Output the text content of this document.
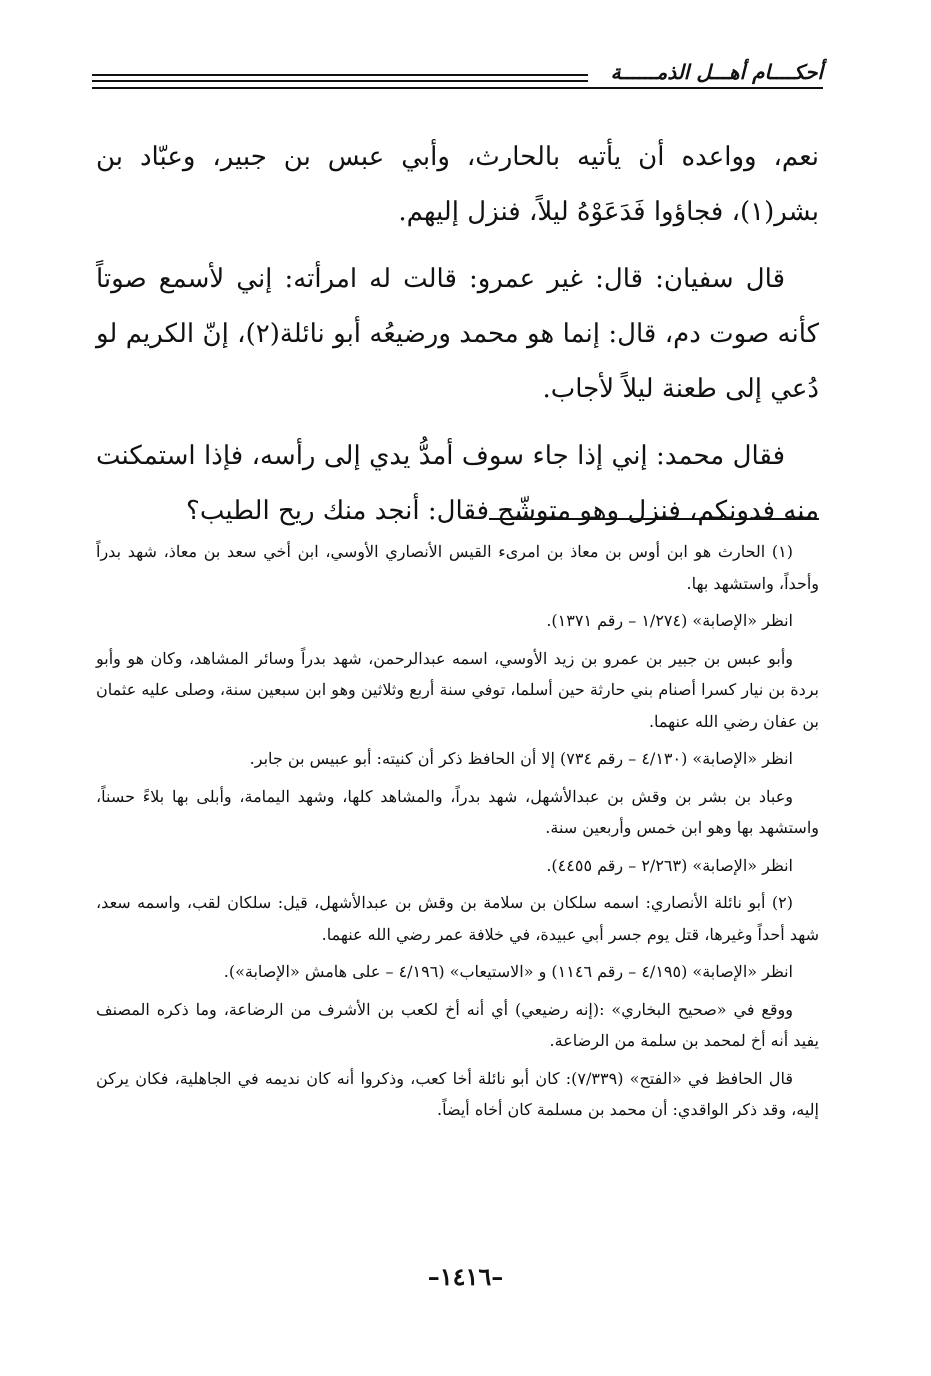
أحكــــام أهـــل الذمــــــة

نعم، وواعده أن يأتيه بالحارث، وأبي عبس بن جبير، وعبّاد بن بشر(١)، فجاؤوا فَدَعَوْهُ ليلاً، فنزل إليهم.

قال سفيان: قال: غير عمرو: قالت له امرأته: إني لأسمع صوتاً كأنه صوت دم، قال: إنما هو محمد ورضيعُه أبو نائلة(٢)، إنّ الكريم لو دُعي إلى طعنة ليلاً لأجاب.

فقال محمد: إني إذا جاء سوف أمدُّ يدي إلى رأسه، فإذا استمكنت منه فدونكم، فنزل وهو متوشّح فقال: أنجد منك ريح الطيب؟

(١) الحارث هو ابن أوس بن معاذ بن امرىء القيس الأنصاري الأوسي، ابن أخي سعد بن معاذ، شهد بدراً وأحداً، واستشهد بها.

انظر «الإصابة» (١/٢٧٤ – رقم ١٣٧١).

وأبو عبس بن جبير بن عمرو بن زيد الأوسي، اسمه عبدالرحمن، شهد بدراً وسائر المشاهد، وكان هو وأبو بردة بن نيار كسرا أصنام بني حارثة حين أسلما، توفي سنة أربع وثلاثين وهو ابن سبعين سنة، وصلى عليه عثمان بن عفان رضي الله عنهما.

انظر «الإصابة» (٤/١٣٠ – رقم ٧٣٤) إلا أن الحافظ ذكر أن كنيته: أبو عبيس بن جابر.

وعباد بن بشر بن وقش بن عبدالأشهل، شهد بدراً، والمشاهد كلها، وشهد اليمامة، وأبلى بها بلاءً حسناً، واستشهد بها وهو ابن خمس وأربعين سنة.

انظر «الإصابة» (٢/٢٦٣ – رقم ٤٤٥٥).

(٢) أبو نائلة الأنصاري: اسمه سلكان بن سلامة بن وقش بن عبدالأشهل، قيل: سلكان لقب، واسمه سعد، شهد أحداً وغيرها، قتل يوم جسر أبي عبيدة، في خلافة عمر رضي الله عنهما.

انظر «الإصابة» (٤/١٩٥ – رقم ١١٤٦) و «الاستيعاب» (٤/١٩٦ – على هامش «الإصابة»).

ووقع في «صحيح البخاري» :(إنه رضيعي) أي أنه أخ لكعب بن الأشرف من الرضاعة، وما ذكره المصنف يفيد أنه أخ لمحمد بن سلمة من الرضاعة.

قال الحافظ في «الفتح» (٧/٣٣٩): كان أبو نائلة أخا كعب، وذكروا أنه كان نديمه في الجاهلية، فكان يركن إليه، وقد ذكر الواقدي: أن محمد بن مسلمة كان أخاه أيضاً.

–١٤١٦–
